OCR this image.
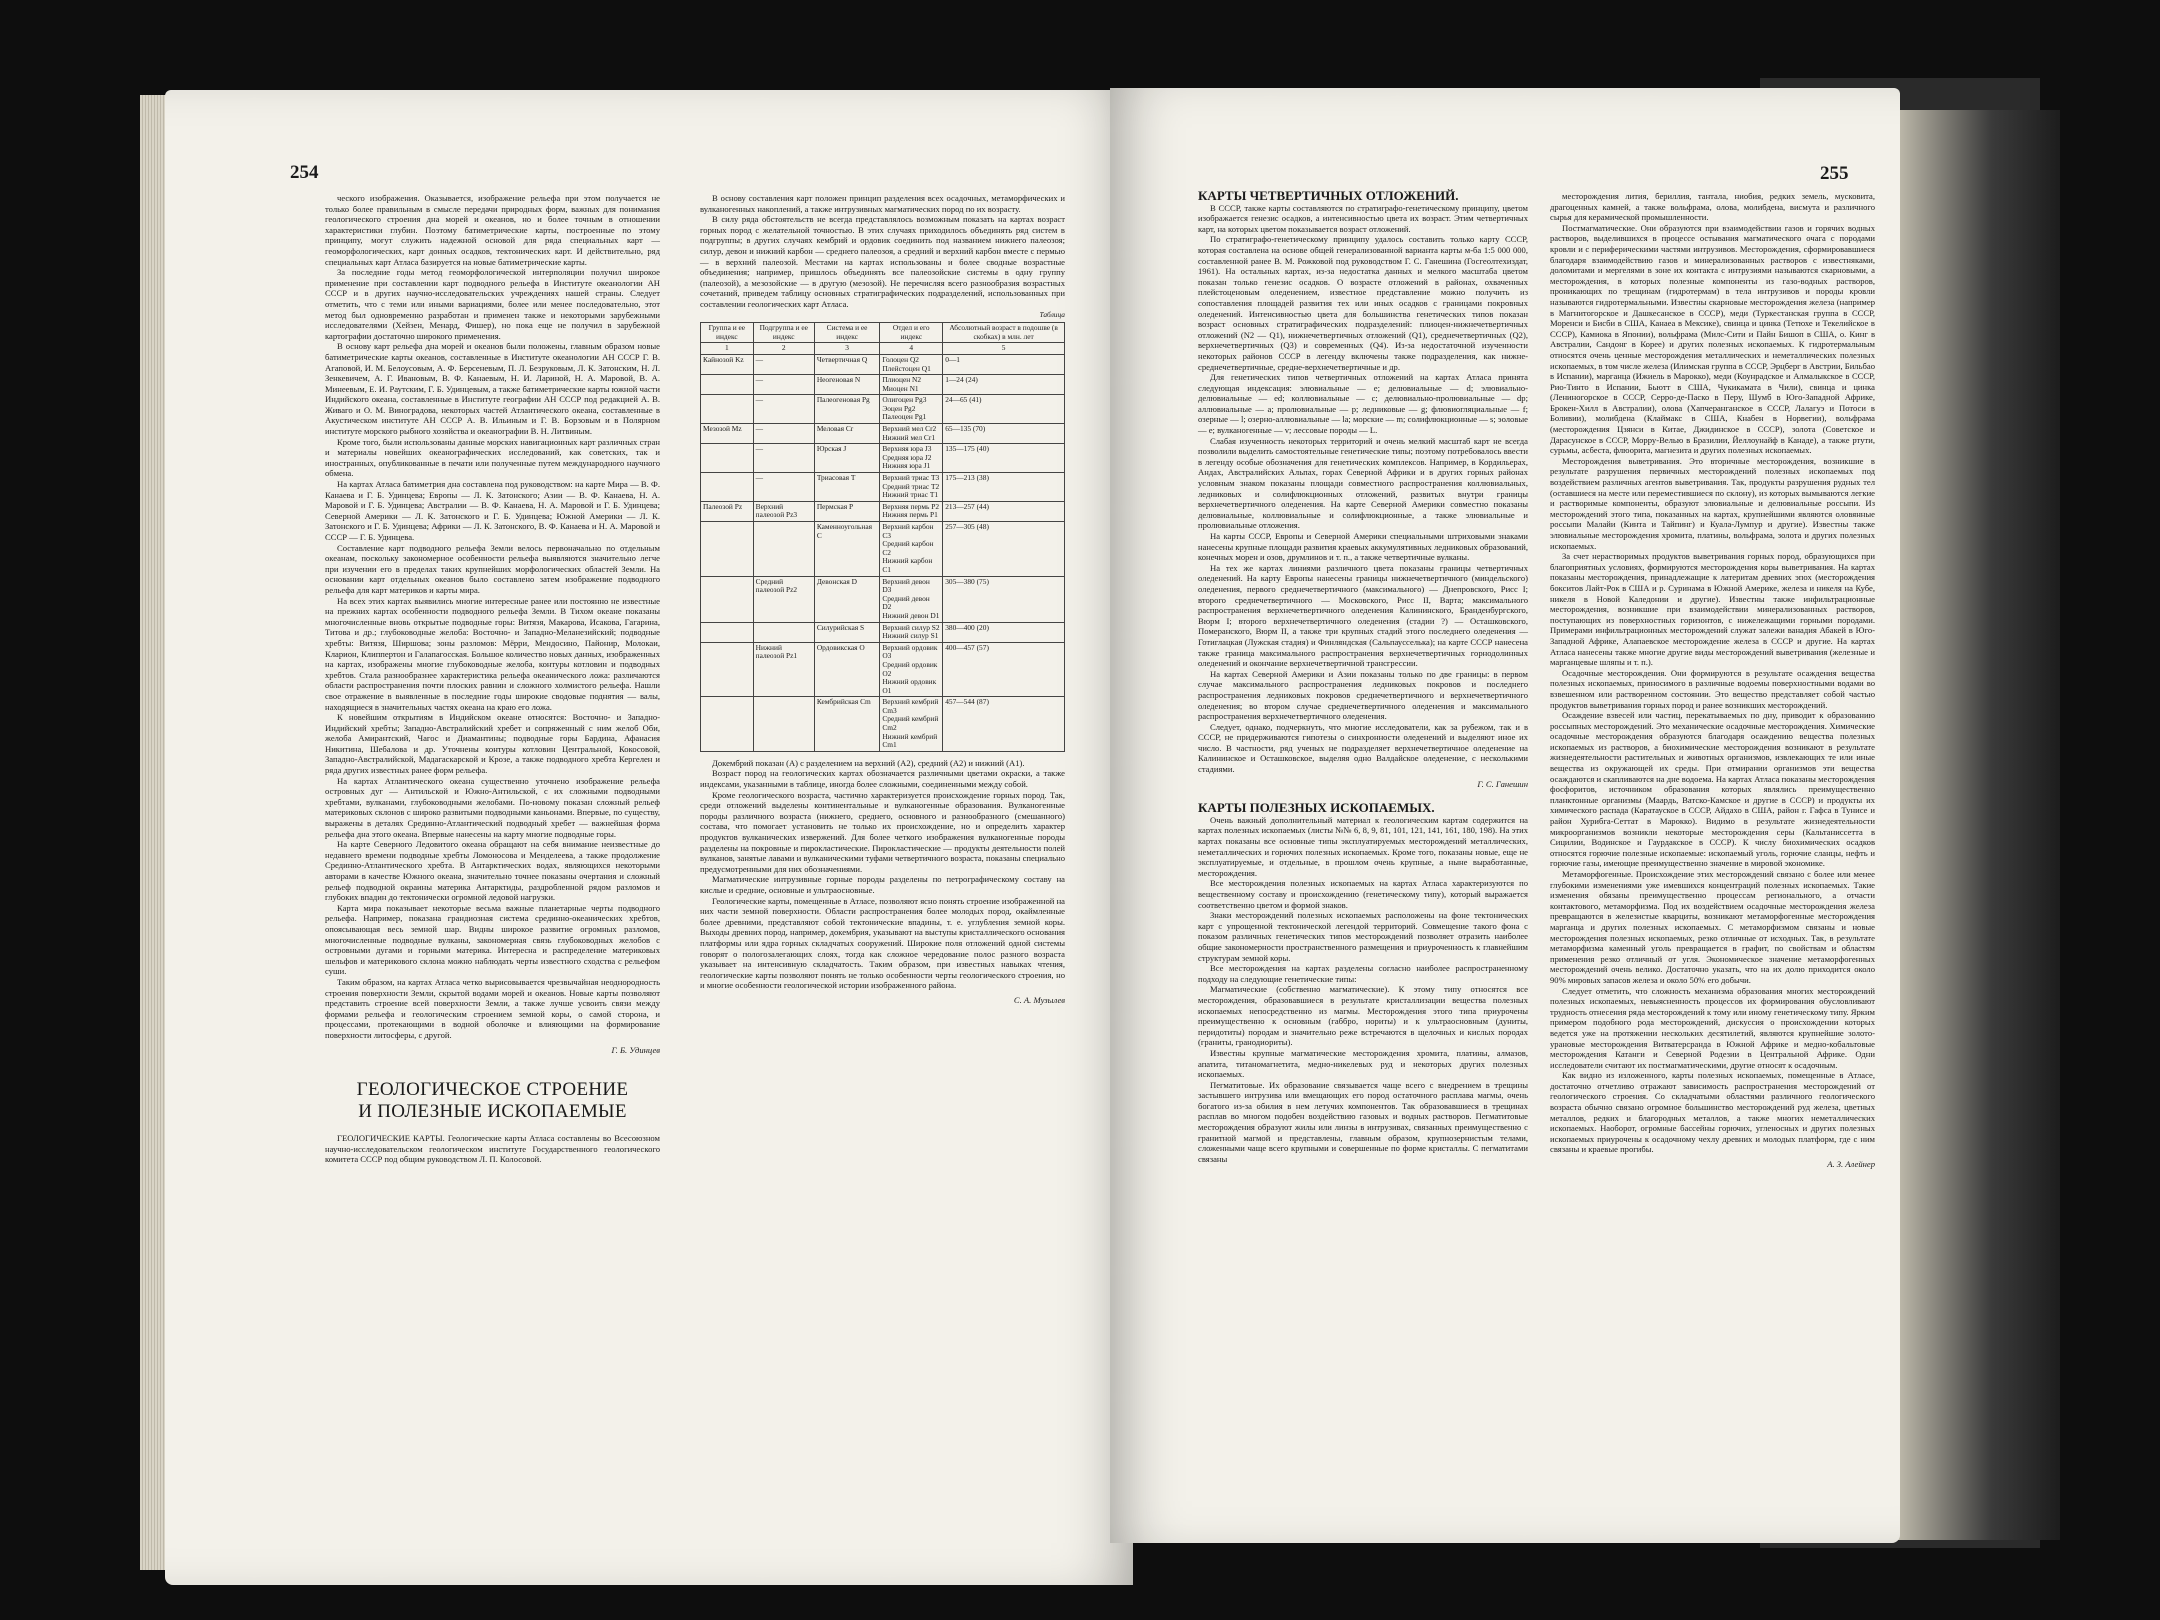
254

ческого изображения. Оказывается, изображение рельефа при этом получается не только более правильным в смысле передачи природных форм, важных для понимания геологического строения дна морей и океанов, но и более точным в отношении характеристики глубин. Поэтому батиметрические карты, построенные по этому принципу, могут служить надежной основой для ряда специальных карт — геоморфологических, карт донных осадков, тектонических карт. И действительно, ряд специальных карт Атласа базируется на новые батиметрические карты.

За последние годы метод геоморфологической интерполяции получил широкое применение при составлении карт подводного рельефа в Институте океанологии АН СССР и в других научно-исследовательских учреждениях нашей страны. Следует отметить, что с теми или иными вариациями, более или менее последовательно, этот метод был одновременно разработан и применен также и некоторыми зарубежными исследователями (Хейзен, Менард, Фишер), но пока еще не получил в зарубежной картографии достаточно широкого применения.

В основу карт рельефа дна морей и океанов были положены, главным образом новые батиметрические карты океанов, составленные в Институте океанологии АН СССР Г. В. Агаповой, И. М. Белоусовым, А. Ф. Берсеневым, П. Л. Безруковым, Л. К. Затонским, Н. Л. Зенкевичем, А. Г. Ивановым, В. Ф. Канаевым, Н. И. Лариной, Н. А. Маровой, В. А. Минеевым, Е. И. Раутским, Г. Б. Удинцевым, а также батиметрические карты южной части Индийского океана, составленные в Институте географии АН СССР под редакцией А. В. Живаго и О. М. Виноградова, некоторых частей Атлантического океана, составленные в Акустическом институте АН СССР А. В. Ильиным и Г. В. Борзовым и в Полярном институте морского рыбного хозяйства и океанографии В. Н. Литвиным.

Кроме того, были использованы данные морских навигационных карт различных стран и материалы новейших океанографических исследований, как советских, так и иностранных, опубликованные в печати или полученные путем международного научного обмена.

На картах Атласа батиметрия дна составлена под руководством: на карте Мира — В. Ф. Канаева и Г. Б. Удинцева; Европы — Л. К. Затонского; Азии — В. Ф. Канаева, Н. А. Маровой и Г. Б. Удинцева; Австралии — В. Ф. Канаева, Н. А. Маровой и Г. Б. Удинцева; Северной Америки — Л. К. Затонского и Г. Б. Удинцева; Южной Америки — Л. К. Затонского и Г. Б. Удинцева; Африки — Л. К. Затонского, В. Ф. Канаева и Н. А. Маровой и СССР — Г. Б. Удинцева.

Составление карт подводного рельефа Земли велось первоначально по отдельным океанам, поскольку закономерное особенности рельефа выявляются значительно легче при изучении его в пределах таких крупнейших морфологических областей Земли. На основании карт отдельных океанов было составлено затем изображение подводного рельефа для карт материков и карты мира.

На всех этих картах выявились многие интересные ранее или постоянно не известные на прежних картах особенности подводного рельефа Земли. В Тихом океане показаны многочисленные вновь открытые подводные горы: Витязя, Макарова, Исакова, Гагарина, Титова и др.; глубоководные желоба: Восточно- и Западно-Меланезийский; подводные хребты: Витязя, Ширшова; зоны разломов: Мёрри, Мендосино, Пайонир, Молокаи, Кларион, Клиппертон и Галапагосская. Большое количество новых данных, изображенных на картах, изображены многие глубоководные желоба, контуры котловин и подводных хребтов. Стала разнообразнее характеристика рельефа океанического ложа: различаются области распространения почти плоских равнин и сложного холмистого рельефа. Нашли свое отражение в выявленные в последние годы широкие сводовые поднятия — валы, находящиеся в значительных частях океана на краю его ложа.

К новейшим открытиям в Индийском океане относятся: Восточно- и Западно-Индийский хребты; Западно-Австралийский хребет и сопряженный с ним желоб Оби, желоба Амирантский, Чагос и Диамантины; подводные горы Бардина, Афанасия Никитина, Шебалова и др. Уточнены контуры котловин Центральной, Кокосовой, Западно-Австралийской, Мадагаскарской и Крозе, а также подводного хребта Кергелен и ряда других известных ранее форм рельефа.

На картах Атлантического океана существенно уточнено изображение рельефа островных дуг — Антильской и Южно-Антильской, с их сложными подводными хребтами, вулканами, глубоководными желобами. По-новому показан сложный рельеф материковых склонов с широко развитыми подводными каньонами. Впервые, по существу, выражены в деталях Срединно-Атлантический подводный хребет — важнейшая форма рельефа дна этого океана. Впервые нанесены на карту многие подводные горы.

На карте Северного Ледовитого океана обращают на себя внимание неизвестные до недавнего времени подводные хребты Ломоносова и Менделеева, а также продолжение Срединно-Атлантического хребта. В Антарктических водах, являющихся некоторыми авторами в качестве Южного океана, значительно точнее показаны очертания и сложный рельеф подводной окраины материка Антарктиды, раздробленной рядом разломов и глубоких впадин до тектонически огромной ледовой нагрузки.

Карта мира показывает некоторые весьма важные планетарные черты подводного рельефа. Например, показана грандиозная система срединно-океанических хребтов, опоясывающая весь земной шар. Видны широкое развитие огромных разломов, многочисленные подводные вулканы, закономерная связь глубоководных желобов с островными дугами и горными материка. Интересна и распределение материковых шельфов и материкового склона можно наблюдать черты известного сходства с рельефом суши.

Таким образом, на картах Атласа четко вырисовывается чрезвычайная неоднородность строения поверхности Земли, скрытой водами морей и океанов. Новые карты позволяют представить строение всей поверхности Земли, а также лучше усвоить связи между формами рельефа и геологическим строением земной коры, о самой сторона, и процессами, протекающими в водной оболочке и влияющими на формирование поверхности литосферы, с другой.

Г. Б. Удинцев

ГЕОЛОГИЧЕСКОЕ СТРОЕНИЕ
И ПОЛЕЗНЫЕ ИСКОПАЕМЫЕ

ГЕОЛОГИЧЕСКИЕ КАРТЫ. Геологические карты Атласа составлены во Всесоюзном научно-исследовательском геологическом институте Государственного геологического комитета СССР под общим руководством Л. П. Колосовой.

В основу составления карт положен принцип разделения всех осадочных, метаморфических и вулканогенных накоплений, а также интрузивных магматических пород по их возрасту.

В силу ряда обстоятельств не всегда представлялось возможным показать на картах возраст горных пород с желательной точностью. В этих случаях приходилось объединять ряд систем в подгруппы; в других случаях кембрий и ордовик соединить под названием нижнего палеозоя; силур, девон и нижний карбон — среднего палеозоя, а средний и верхний карбон вместе с пермью — в верхний палеозой. Местами на картах использованы и более сводные возрастные объединения; например, пришлось объединять все палеозойские системы в одну группу (палеозой), а мезозойские — в другую (мезозой). Не перечисляя всего разнообразия возрастных сочетаний, приведем таблицу основных стратиграфических подразделений, использованных при составлении геологических карт Атласа.

Таблица
Группа и ее индекс	Подгруппа и ее индекс	Система и ее индекс	Отдел и его индекс	Абсолютный возраст в подошве (в скобках) в млн. лет
1	2	3	4	5
Кайнозой Kz	—	Четвертичная Q	Голоцен Q2
Плейстоцен Q1	0—1
	—	Неогеновая N	Плиоцен N2
Миоцен N1	1—24 (24)
	—	Палеогеновая Pg	Олигоцен Pg3
Эоцен Pg2
Палеоцен Pg1	24—65 (41)
Мезозой Mz	—	Меловая Cr	Верхний мел Cr2
Нижний мел Cr1	65—135 (70)
	—	Юрская J	Верхняя юра J3
Средняя юра J2
Нижняя юра J1	135—175 (40)
	—	Триасовая T	Верхний триас T3
Средний триас T2
Нижний триас T1	175—213 (38)
Палеозой Pz	Верхний палеозой Pz3	Пермская P	Верхняя пермь P2
Нижняя пермь P1	213—257 (44)
		Каменноугольная C	Верхний карбон C3
Средний карбон C2
Нижний карбон C1	257—305 (48)
	Средний палеозой Pz2	Девонская D	Верхний девон D3
Средний девон D2
Нижний девон D1	305—380 (75)
		Силурийская S	Верхний силур S2
Нижний силур S1	380—400 (20)
	Нижний палеозой Pz1	Ордовикская O	Верхний ордовик O3
Средний ордовик O2
Нижний ордовик O1	400—457 (57)
		Кембрийская Cm	Верхний кембрий Cm3
Средний кембрий Cm2
Нижний кембрий Cm1	457—544 (87)

Докембрий показан (A) с разделением на верхний (A2), средний (A2) и нижний (A1).

Возраст пород на геологических картах обозначается различными цветами окраски, а также индексами, указанными в таблице, иногда более сложными, соединенными между собой.

Кроме геологического возраста, частично характеризуется происхождение горных пород. Так, среди отложений выделены континентальные и вулканогенные образования. Вулканогенные породы различного возраста (нижнего, среднего, основного и разнообразного (смешанного) состава, что помогает установить не только их происхождение, но и определить характер продуктов вулканических извержений. Для более четкого изображения вулканогенные породы разделены на покровные и пирокластические. Пирокластические — продукты деятельности полей вулканов, занятые лавами и вулканическими туфами четвертичного возраста, показаны специально предусмотренными для них обозначениями.

Магматические интрузивные горные породы разделены по петрографическому составу на кислые и средние, основные и ультраосновные.

Геологические карты, помещенные в Атласе, позволяют ясно понять строение изображенной на них части земной поверхности. Области распространения более молодых пород, окаймленные более древними, представляют собой тектонические впадины, т. е. углубления земной коры. Выходы древних пород, например, докембрия, указывают на выступы кристаллического основания платформы или ядра горных складчатых сооружений. Широкие поля отложений одной системы говорят о пологозалегающих слоях, тогда как сложное чередование полос разного возраста указывает на интенсивную складчатость. Таким образом, при известных навыках чтения, геологические карты позволяют понять не только особенности черты геологического строения, но и многие особенности геологической истории изображенного района.

С. А. Музылев

255

КАРТЫ ЧЕТВЕРТИЧНЫХ ОТЛОЖЕНИЙ.

В СССР, также карты составляются по стратиграфо-генетическому принципу, цветом изображается генезис осадков, а интенсивностью цвета их возраст. Этим четвертичных карт, на которых цветом показывается возраст отложений.

По стратиграфо-генетическому принципу удалось составить только карту СССР, которая составлена на основе общей генерализованной варианта карты м-ба 1:5 000 000, составленной ранее В. М. Рожковой под руководством Г. С. Ганешина (Госгеолтехиздат, 1961). На остальных картах, из-за недостатка данных и мелкого масштаба цветом показан только генезис осадков. О возрасте отложений в районах, охваченных плейстоценовым оледенением, известное представление можно получить из сопоставления площадей развития тех или иных осадков с границами покровных оледенений. Интенсивностью цвета для большинства генетических типов показан возраст основных стратиграфических подразделений: плиоцен-нижнечетвертичных отложений (N2 — Q1), нижнечетвертичных отложений (Q1), среднечетвертичных (Q2), верхнечетвертичных (Q3) и современных (Q4). Из-за недостаточной изученности некоторых районов СССР в легенду включены также подразделения, как нижне-среднечетвертичные, средне-верхнечетвертичные и др.

Для генетических типов четвертичных отложений на картах Атласа принята следующая индексация: элювиальные — е; делювиальные — d; элювиально-делювиальные — ed; коллювиальные — с; делювиально-пролювиальные — dp; аллювиальные — а; пролювиальные — р; ледниковые — g; флювиогляциальные — f; озерные — l; озерно-аллювиальные — la; морские — m; солифлюкционные — s; эоловые — е; вулканогенные — v; лессовые породы — L.

Слабая изученность некоторых территорий и очень мелкий масштаб карт не всегда позволили выделить самостоятельные генетические типы; поэтому потребовалось ввести в легенду особые обозначения для генетических комплексов. Например, в Кордильерах, Андах, Австралийских Альпах, горах Северной Африки и в других горных районах условным знаком показаны площади совместного распространения коллювиальных, ледниковых и солифлюкционных отложений, развитых внутри границы верхнечетвертичного оледенения. На карте Северной Америки совместно показаны делювиальные, коллювиальные и солифлюкционные, а также элювиальные и пролювиальные отложения.

На карты СССР, Европы и Северной Америки специальными штриховыми знаками нанесены крупные площади развития краевых аккумулятивных ледниковых образований, конечных морен и озов, друмлинов и т. п., а также четвертичные вулканы.

На тех же картах линиями различного цвета показаны границы четвертичных оледенений. На карту Европы нанесены границы нижнечетвертичного (миндельского) оледенения, первого среднечетвертичного (максимального) — Днепровского, Рисс I; второго среднечетвертичного — Московского, Рисс II, Варта; максимального распространения верхнечетвертичного оледенения Калининского, Бранденбургского, Вюрм I; второго верхнечетвертичного оледенения (стадии ?) — Осташковского, Померанского, Вюрм II, а также три крупных стадий этого последнего оледенения — Готиглацкая (Лужская стадия) и Финляндская (Сальпаусселька); на карте СССР нанесена также граница максимального распространения верхнечетвертичных горнодолинных оледенений и окончание верхнечетвертичной трансгрессии.

На картах Северной Америки и Азии показаны только по две границы: в первом случае максимального распространения ледниковых покровов и последнего распространения ледниковых покровов среднечетвертичного и верхнечетвертичного оледенения; во втором случае среднечетвертичного оледенения и максимального распространения верхнечетвертичного оледенения.

Следует, однако, подчеркнуть, что многие исследователи, как за рубежом, так и в СССР, не придерживаются гипотезы о синхронности оледенений и выделяют иное их число. В частности, ряд ученых не подразделяет верхнечетвертичное оледенение на Калининское и Осташковское, выделяя одно Валдайское оледенение, с несколькими стадиями.

Г. С. Ганешин

КАРТЫ ПОЛЕЗНЫХ ИСКОПАЕМЫХ.

Очень важный дополнительный материал к геологическим картам содержится на картах полезных ископаемых (листы №№ 6, 8, 9, 81, 101, 121, 141, 161, 180, 198). На этих картах показаны все основные типы эксплуатируемых месторождений металлических, неметаллических и горючих полезных ископаемых. Кроме того, показаны новые, еще не эксплуатируемые, и отдельные, в прошлом очень крупные, а ныне выработанные, месторождения.

Все месторождения полезных ископаемых на картах Атласа характеризуются по вещественному составу и происхождению (генетическому типу), который выражается соответственно цветом и формой знаков.

Знаки месторождений полезных ископаемых расположены на фоне тектонических карт с упрощенной тектонической легендой территорий. Совмещение такого фона с показом различных генетических типов месторождений позволяет отразить наиболее общие закономерности пространственного размещения и приуроченность к главнейшим структурам земной коры.

Все месторождения на картах разделены согласно наиболее распространенному подходу на следующие генетические типы:

Магматические (собственно магматические). К этому типу относятся все месторождения, образовавшиеся в результате кристаллизации вещества полезных ископаемых непосредственно из магмы. Месторождения этого типа приурочены преимущественно к основным (габбро, нориты) и к ультраосновным (дуниты, перидотиты) породам и значительно реже встречаются в щелочных и кислых породах (граниты, гранодиориты).

Известны крупные магматические месторождения хромита, платины, алмазов, апатита, титаномагнетита, медно-никелевых руд и некоторых других полезных ископаемых.

Пегматитовые. Их образование связывается чаще всего с внедрением в трещины застывшего интрузива или вмещающих его пород остаточного расплава магмы, очень богатого из-за обилия в нем летучих компонентов. Так образовавшиеся в трещинах расплав во многом подобен воздействию газовых и водных растворов. Пегматитовые месторождения образуют жилы или линзы в интрузивах, связанных преимущественно с гранитной магмой и представлены, главным образом, крупнозернистым телами, сложенными чаще всего крупными и совершенные по форме кристаллы. С пегматитами связаны

месторождения лития, бериллия, тантала, ниобия, редких земель, мусковита, драгоценных камней, а также вольфрама, олова, молибдена, висмута и различного сырья для керамической промышленности.

Постмагматические. Они образуются при взаимодействии газов и горячих водных растворов, выделившихся в процессе остывания магматического очага с породами кровли и с периферическими частями интрузивов. Месторождения, сформировавшиеся благодаря взаимодействию газов и минерализованных растворов с известняками, доломитами и мергелями в зоне их контакта с интрузиями называются скарновыми, а месторождения, в которых полезные компоненты из газо-водных растворов, проникающих по трещинам (гидротермам) в тела интрузивов и породы кровли называются гидротермальными. Известны скарновые месторождения железа (например в Магнитогорское и Дашкесанское в СССР), меди (Туркестанская группа в СССР, Моренси и Бисби в США, Канаеа в Мексике), свинца и цинка (Тетюхе и Текелийское в СССР), Камиока в Японии), вольфрама (Милс-Сити и Пайн Бишоп в США, о. Кинг в Австралии, Сандонг в Корее) и других полезных ископаемых. К гидротермальным относятся очень ценные месторождения металлических и неметаллических полезных ископаемых, в том числе железа (Илимская группа в СССР, Эрцберг в Австрии, Бильбао в Испании), марганца (Ижиель в Марокко), меди (Коунрадское и Алмалыкское в СССР, Рио-Тинто в Испании, Бьютт в США, Чукикамата в Чили), свинца и цинка (Лениногорское в СССР, Серро-де-Паско в Перу, Шумб в Юго-Западной Африке, Брокен-Хилл в Австралии), олова (Хапчеранганское в СССР, Лалагуэ и Потоси в Боливии), молибдена (Клаймакс в США, Кнабен в Норвегии), вольфрама (месторождения Цзянси в Китае, Джидинское в СССР), золота (Советское и Дарасунское в СССР, Морру-Велью в Бразилии, Йеллоунайф в Канаде), а также ртути, сурьмы, асбеста, флюорита, магнезита и других полезных ископаемых.

Месторождения выветривания. Это вторичные месторождения, возникшие в результате разрушения первичных месторождений полезных ископаемых под воздействием различных агентов выветривания. Так, продукты разрушения рудных тел (оставшиеся на месте или переместившиеся по склону), из которых вымываются легкие и растворимые компоненты, образуют элювиальные и делювиальные россыпи. Из месторождений этого типа, показанных на картах, крупнейшими являются оловянные россыпи Малайи (Кинта и Тайпинг) и Куала-Лумпур и другие). Известны также элювиальные месторождения хромита, платины, вольфрама, золота и других полезных ископаемых.

За счет нерастворимых продуктов выветривания горных пород, образующихся при благоприятных условиях, формируются месторождения коры выветривания. На картах показаны месторождения, принадлежащие к латеритам древних эпох (месторождения бокситов Лайт-Рок в США и р. Суринама в Южной Америке, железа и никеля на Кубе, никеля в Новой Каледонии и другие). Известны также инфильтрационные месторождения, возникшие при взаимодействии минерализованных растворов, поступающих из поверхностных горизонтов, с нижележащими горными породами. Примерами инфильтрационных месторождений служат залежи ванадия Абакей в Юго-Западной Африке, Алапаевское месторождение железа в СССР и другие. На картах Атласа нанесены также многие другие виды месторождений выветривания (железные и марганцевые шляпы и т. п.).

Осадочные месторождения. Они формируются в результате осаждения вещества полезных ископаемых, приносимого в различные водоемы поверхностными водами во взвешенном или растворенном состоянии. Это вещество представляет собой частью продуктов выветривания горных пород и ранее возникших месторождений.

Осаждение взвесей или частиц, перекатываемых по дну, приводит к образованию россыпных месторождений. Это механические осадочные месторождения. Химические осадочные месторождения образуются благодаря осаждению вещества полезных ископаемых из растворов, а биохимические месторождения возникают в результате жизнедеятельности растительных и животных организмов, извлекающих те или иные вещества из окружающей их среды. При отмирании организмов эти вещества осаждаются и скапливаются на дне водоема. На картах Атласа показаны месторождения фосфоритов, источником образования которых являлись преимущественно планктонные организмы (Маардь, Ватско-Камское и другие в СССР) и продукты их химического распада (Каратауское в СССР, Айдахо в США, район г. Гафса в Тунисе и район Хурибга-Сеттат в Марокко). Видимо в результате жизнедеятельности микроорганизмов возникли некоторые месторождения серы (Кальтаниссетта в Сицилии, Водинское и Гаурдакское в СССР). К числу биохимических осадков относятся горючие полезные ископаемые: ископаемый уголь, горючие сланцы, нефть и горючие газы, имеющие преимущественно значение в мировой экономике.

Метаморфогенные. Происхождение этих месторождений связано с более или менее глубокими изменениями уже имевшихся концентраций полезных ископаемых. Такие изменения обязаны преимущественно процессам регионального, а отчасти контактового, метаморфизма. Под их воздействием осадочные месторождения железа превращаются в железистые кварциты, возникают метаморфогенные месторождения марганца и других полезных ископаемых. С метаморфизмом связаны и новые месторождения полезных ископаемых, резко отличные от исходных. Так, в результате метаморфизма каменный уголь превращается в графит, по свойствам и областям применения резко отличный от угля. Экономическое значение метаморфогенных месторождений очень велико. Достаточно указать, что на их долю приходится около 90% мировых запасов железа и около 50% его добычи.

Следует отметить, что сложность механизма образования многих месторождений полезных ископаемых, невыясненность процессов их формирования обусловливают трудность отнесения ряда месторождений к тому или иному генетическому типу. Ярким примером подобного рода месторождений, дискуссия о происхождении которых ведется уже на протяжении нескольких десятилетий, являются крупнейшие золото-урановые месторождения Витватерсранда в Южной Африке и медно-кобальтовые месторождения Катанги и Северной Родезии в Центральной Африке. Одни исследователи считают их постмагматическими, другие относят к осадочным.

Как видно из изложенного, карты полезных ископаемых, помещенные в Атласе, достаточно отчетливо отражают зависимость распространения месторождений от геологического строения. Со складчатыми областями различного геологического возраста обычно связано огромное большинство месторождений руд железа, цветных металлов, редких и благородных металлов, а также многих неметаллических ископаемых. Наоборот, огромные бассейны горючих, угленосных и других полезных ископаемых приурочены к осадочному чехлу древних и молодых платформ, где с ним связаны и краевые прогибы.

А. З. Алейнер
